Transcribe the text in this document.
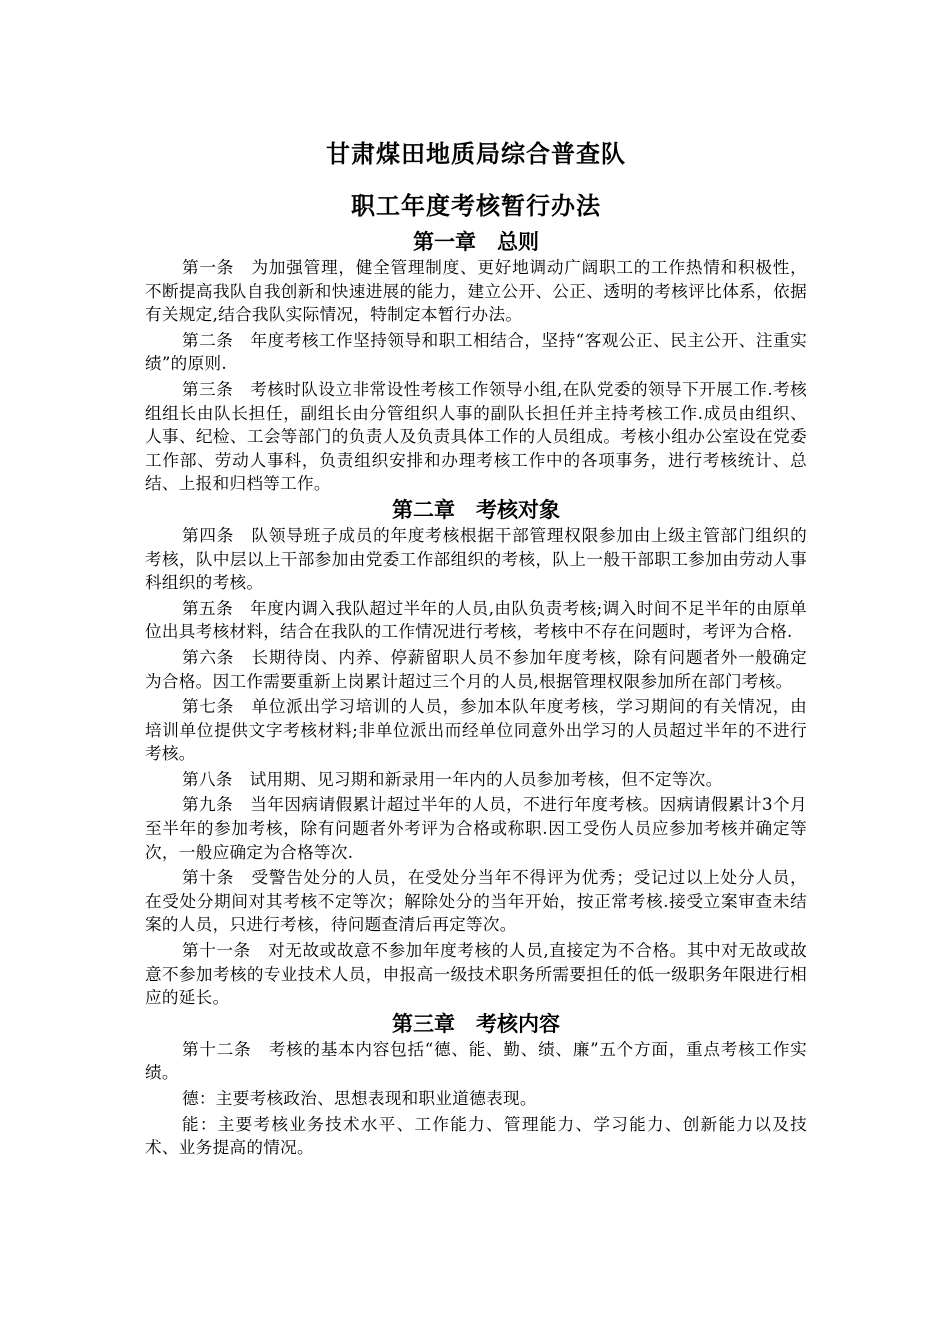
甘肃煤田地质局综合普查队
职工年度考核暂行办法
第一章　总则

第一条　为加强管理，健全管理制度、更好地调动广阔职工的工作热情和积极性，不断提高我队自我创新和快速进展的能力，建立公开、公正、透明的考核评比体系，依据有关规定,结合我队实际情况，特制定本暂行办法。

第二条　年度考核工作坚持领导和职工相结合，坚持“客观公正、民主公开、注重实绩”的原则.

第三条　考核时队设立非常设性考核工作领导小组,在队党委的领导下开展工作.考核组组长由队长担任，副组长由分管组织人事的副队长担任并主持考核工作.成员由组织、人事、纪检、工会等部门的负责人及负责具体工作的人员组成。考核小组办公室设在党委工作部、劳动人事科，负责组织安排和办理考核工作中的各项事务，进行考核统计、总结、上报和归档等工作。

第二章　考核对象

第四条　队领导班子成员的年度考核根据干部管理权限参加由上级主管部门组织的考核，队中层以上干部参加由党委工作部组织的考核，队上一般干部职工参加由劳动人事科组织的考核。

第五条　年度内调入我队超过半年的人员,由队负责考核;调入时间不足半年的由原单位出具考核材料，结合在我队的工作情况进行考核，考核中不存在问题时，考评为合格.

第六条　长期待岗、内养、停薪留职人员不参加年度考核，除有问题者外一般确定为合格。因工作需要重新上岗累计超过三个月的人员,根据管理权限参加所在部门考核。

第七条　单位派出学习培训的人员，参加本队年度考核，学习期间的有关情况，由培训单位提供文字考核材料;非单位派出而经单位同意外出学习的人员超过半年的不进行考核。

第八条　试用期、见习期和新录用一年内的人员参加考核，但不定等次。

第九条　当年因病请假累计超过半年的人员，不进行年度考核。因病请假累计3个月至半年的参加考核，除有问题者外考评为合格或称职.因工受伤人员应参加考核并确定等次，一般应确定为合格等次.

第十条　受警告处分的人员，在受处分当年不得评为优秀；受记过以上处分人员，在受处分期间对其考核不定等次；解除处分的当年开始，按正常考核.接受立案审查未结案的人员，只进行考核，待问题查清后再定等次。

第十一条　对无故或故意不参加年度考核的人员,直接定为不合格。其中对无故或故意不参加考核的专业技术人员，申报高一级技术职务所需要担任的低一级职务年限进行相应的延长。

第三章　考核内容

第十二条　考核的基本内容包括“德、能、勤、绩、廉”五个方面，重点考核工作实绩。

德：主要考核政治、思想表现和职业道德表现。

能：主要考核业务技术水平、工作能力、管理能力、学习能力、创新能力以及技术、业务提高的情况。
